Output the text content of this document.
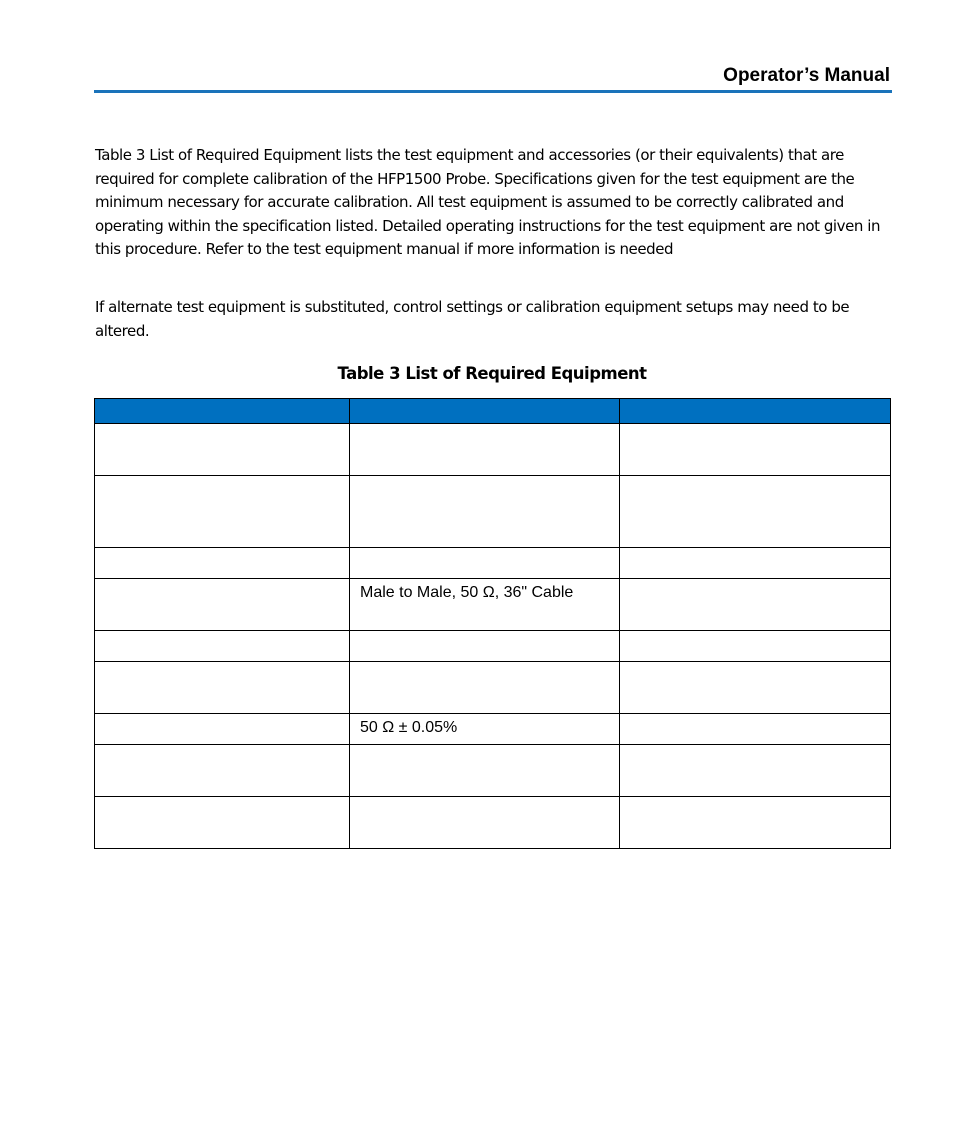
Operator’s Manual

Table 3 List of Required Equipment lists the test equipment and accessories (or their equivalents) that are required for complete calibration of the HFP1500 Probe. Specifications given for the test equipment are the minimum necessary for accurate calibration. All test equipment is assumed to be correctly calibrated and operating within the specification listed. Detailed operating instructions for the test equipment are not given in this procedure. Refer to the test equipment manual if more information is needed

If alternate test equipment is substituted, control settings or calibration equipment setups may need to be altered.

Table 3 List of Required Equipment

	Male to Male, 50 Ω, 36" Cable	

	50 Ω ± 0.05%	
